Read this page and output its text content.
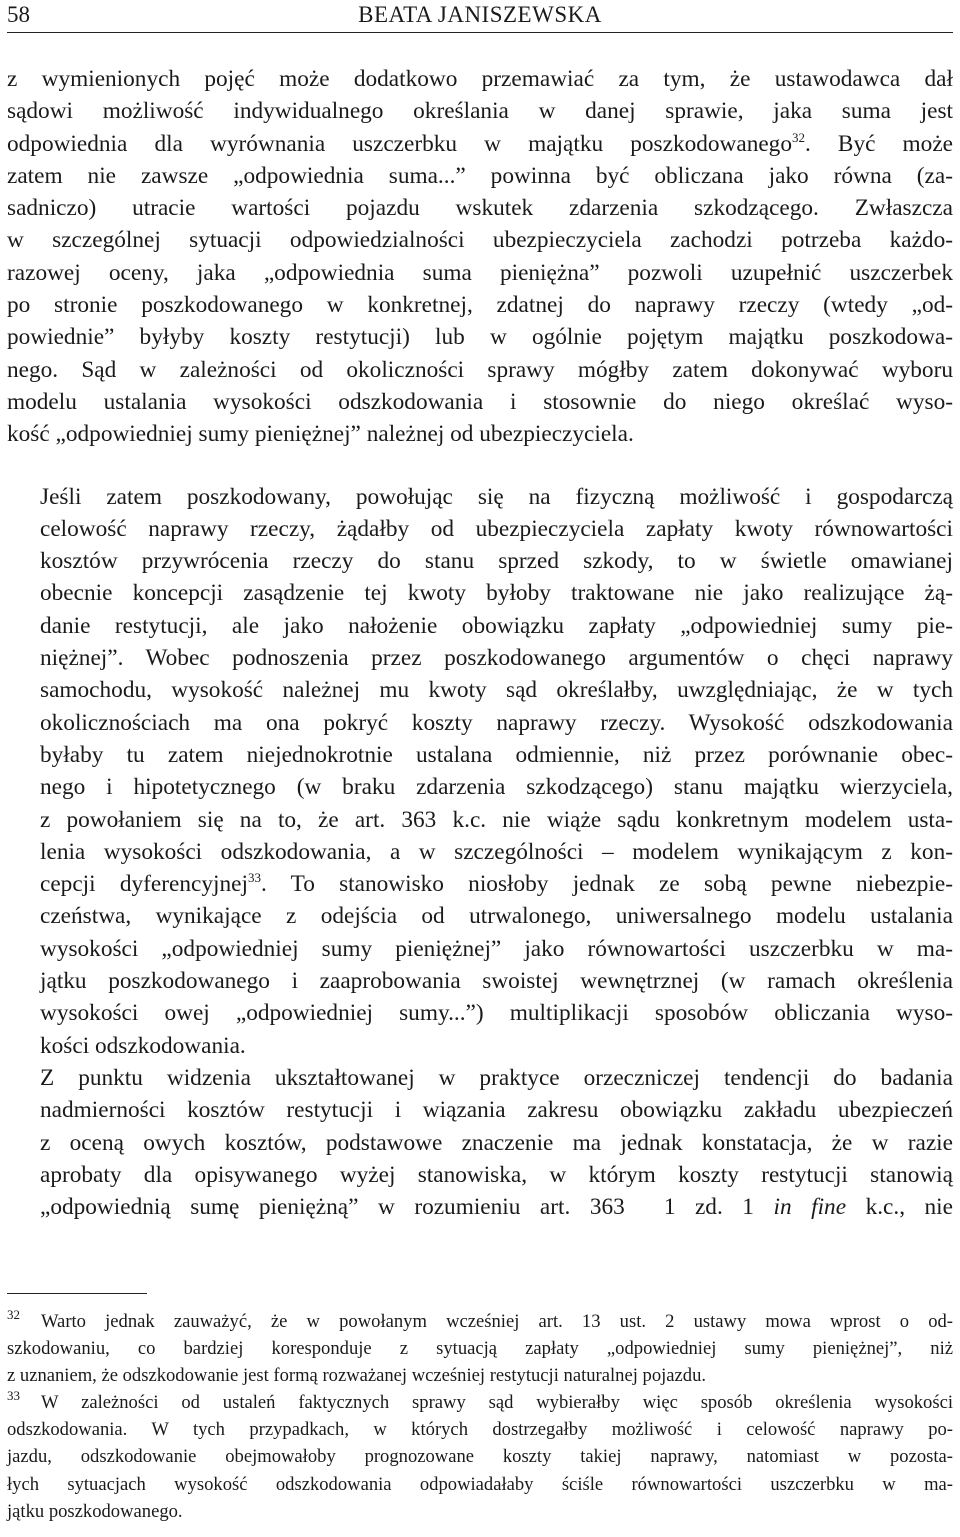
58	BEATA JANISZEWSKA

z wymienionych pojęć może dodatkowo przemawiać za tym, że ustawodawca dał
sądowi możliwość indywidualnego określania w danej sprawie, jaka suma jest
odpowiednia dla wyrównania uszczerbku w majątku poszkodowanego$^{32}$. Być może
zatem nie zawsze „odpowiednia suma...” powinna być obliczana jako równa (za-
sadniczo) utracie wartości pojazdu wskutek zdarzenia szkodzącego. Zwłaszcza
w szczególnej sytuacji odpowiedzialności ubezpieczyciela zachodzi potrzeba każdo-
razowej oceny, jaka „odpowiednia suma pieniężna” pozwoli uzupełnić uszczerbek
po stronie poszkodowanego w konkretnej, zdatnej do naprawy rzeczy (wtedy „od-
powiednie” byłyby koszty restytucji) lub w ogólnie pojętym majątku poszkodowa-
nego. Sąd w zależności od okoliczności sprawy mógłby zatem dokonywać wyboru
modelu ustalania wysokości odszkodowania i stosownie do niego określać wyso-
kość „odpowiedniej sumy pieniężnej” należnej od ubezpieczyciela.

Jeśli zatem poszkodowany, powołując się na fizyczną możliwość i gospodarczą
celowość naprawy rzeczy, żądałby od ubezpieczyciela zapłaty kwoty równowartości
kosztów przywrócenia rzeczy do stanu sprzed szkody, to w świetle omawianej
obecnie koncepcji zasądzenie tej kwoty byłoby traktowane nie jako realizujące żą-
danie restytucji, ale jako nałożenie obowiązku zapłaty „odpowiedniej sumy pie-
niężnej”. Wobec podnoszenia przez poszkodowanego argumentów o chęci naprawy
samochodu, wysokość należnej mu kwoty sąd określałby, uwzględniając, że w tych
okolicznościach ma ona pokryć koszty naprawy rzeczy. Wysokość odszkodowania
byłaby tu zatem niejednokrotnie ustalana odmiennie, niż przez porównanie obec-
nego i hipotetycznego (w braku zdarzenia szkodzącego) stanu majątku wierzyciela,
z powołaniem się na to, że art. 363 k.c. nie wiąże sądu konkretnym modelem usta-
lenia wysokości odszkodowania, a w szczególności – modelem wynikającym z kon-
cepcji dyferencyjnej$^{33}$. To stanowisko niosłoby jednak ze sobą pewne niebezpie-
czeństwa, wynikające z odejścia od utrwalonego, uniwersalnego modelu ustalania
wysokości „odpowiedniej sumy pieniężnej” jako równowartości uszczerbku w ma-
jątku poszkodowanego i zaaprobowania swoistej wewnętrznej (w ramach określenia
wysokości owej „odpowiedniej sumy...”) multiplikacji sposobów obliczania wyso-
kości odszkodowania.

Z punktu widzenia ukształtowanej w praktyce orzeczniczej tendencji do badania
nadmierności kosztów restytucji i wiązania zakresu obowiązku zakładu ubezpieczeń
z oceną owych kosztów, podstawowe znaczenie ma jednak konstatacja, że w razie
aprobaty dla opisywanego wyżej stanowiska, w którym koszty restytucji stanowią
„odpowiednią sumę pieniężną” w rozumieniu art. 363 1 zd. 1 in fine k.c., nie

32 Warto jednak zauważyć, że w powołanym wcześniej art. 13 ust. 2 ustawy mowa wprost o od-
szkodowaniu, co bardziej koresponduje z sytuacją zapłaty „odpowiedniej sumy pieniężnej”, niż
z uznaniem, że odszkodowanie jest formą rozważanej wcześniej restytucji naturalnej pojazdu.

33 W zależności od ustaleń faktycznych sprawy sąd wybierałby więc sposób określenia wysokości
odszkodowania. W tych przypadkach, w których dostrzegałby możliwość i celowość naprawy po-
jazdu, odszkodowanie obejmowałoby prognozowane koszty takiej naprawy, natomiast w pozosta-
łych sytuacjach wysokość odszkodowania odpowiadałaby ściśle równowartości uszczerbku w ma-
jątku poszkodowanego.
